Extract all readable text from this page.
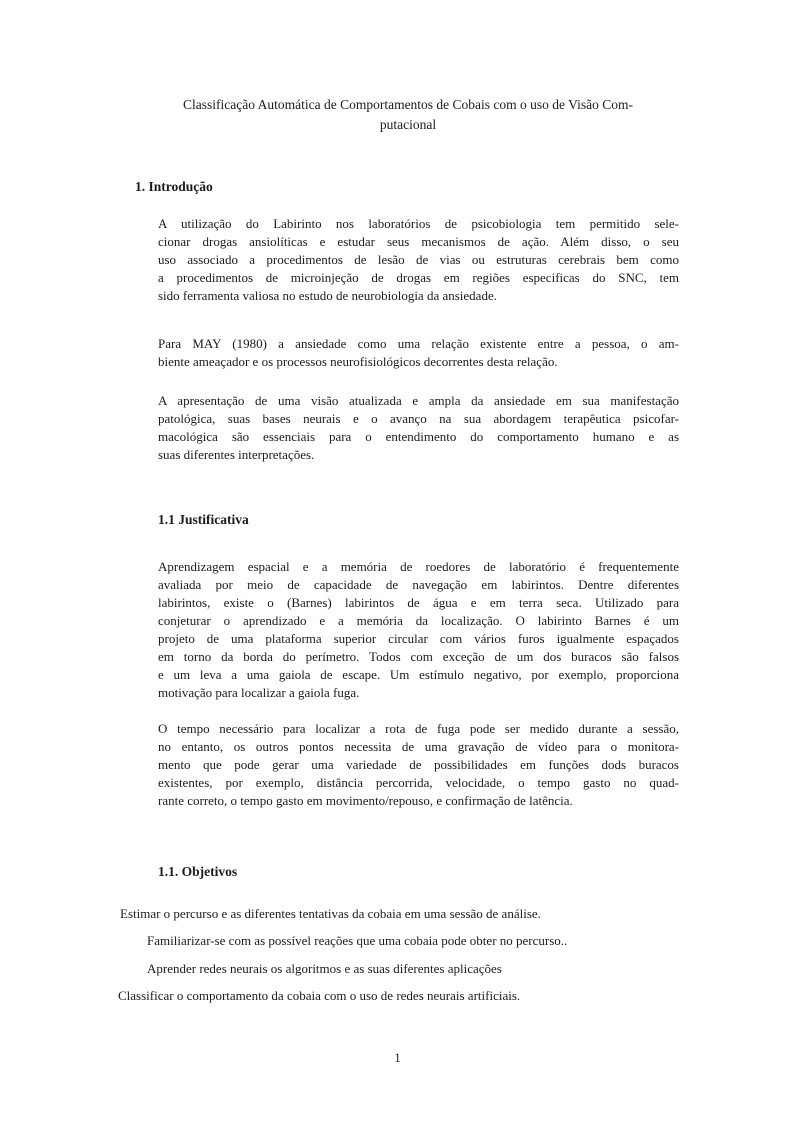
Classificação Automática de Comportamentos de Cobais com o uso de Visão Com-
putacional
1. Introdução
A utilização do Labirinto nos laboratórios de psicobiologia tem permitido sele-
cionar drogas ansiolíticas e estudar seus mecanismos de ação. Além disso, o seu
uso associado a procedimentos de lesão de vias ou estruturas cerebrais bem como
a procedimentos de microinjeção de drogas em regiões especificas do SNC, tem
sido ferramenta valiosa no estudo de neurobiologia da ansiedade.
Para MAY (1980) a ansiedade como uma relação existente entre a pessoa, o am-
biente ameaçador e os processos neurofisiológicos decorrentes desta relação.
A apresentação de uma visão atualizada e ampla da ansiedade em sua manifestação
patológica, suas bases neurais e o avanço na sua abordagem terapêutica psicofar-
macológica são essenciais para o entendimento do comportamento humano e as
suas diferentes interpretações.
1.1 Justificativa
Aprendizagem espacial e a memória de roedores de laboratório é frequentemente
avaliada por meio de capacidade de navegação em labirintos. Dentre diferentes
labirintos, existe o (Barnes) labirintos de água e em terra seca. Utilizado para
conjeturar o aprendizado e a memória da localização. O labirinto Barnes é um
projeto de uma plataforma superior circular com vários furos igualmente espaçados
em torno da borda do perímetro. Todos com exceção de um dos buracos são falsos
e um leva a uma gaiola de escape. Um estímulo negativo, por exemplo, proporciona
motivação para localizar a gaiola fuga.
O tempo necessário para localizar a rota de fuga pode ser medido durante a sessão,
no entanto, os outros pontos necessita de uma gravação de vídeo para o monitora-
mento que pode gerar uma variedade de possibilidades em funções dods buracos
existentes, por exemplo, distância percorrida, velocidade, o tempo gasto no quad-
rante correto, o tempo gasto em movimento/repouso, e confirmação de latência.
1.1. Objetivos
Estimar o percurso e as diferentes tentativas da cobaia em uma sessão de análise.
Familiarizar-se com as possível reações que uma cobaia pode obter no percurso..
Aprender redes neurais os algoritmos e as suas diferentes aplicações
Classificar o comportamento da cobaia com o uso de redes neurais artificiais.
1
